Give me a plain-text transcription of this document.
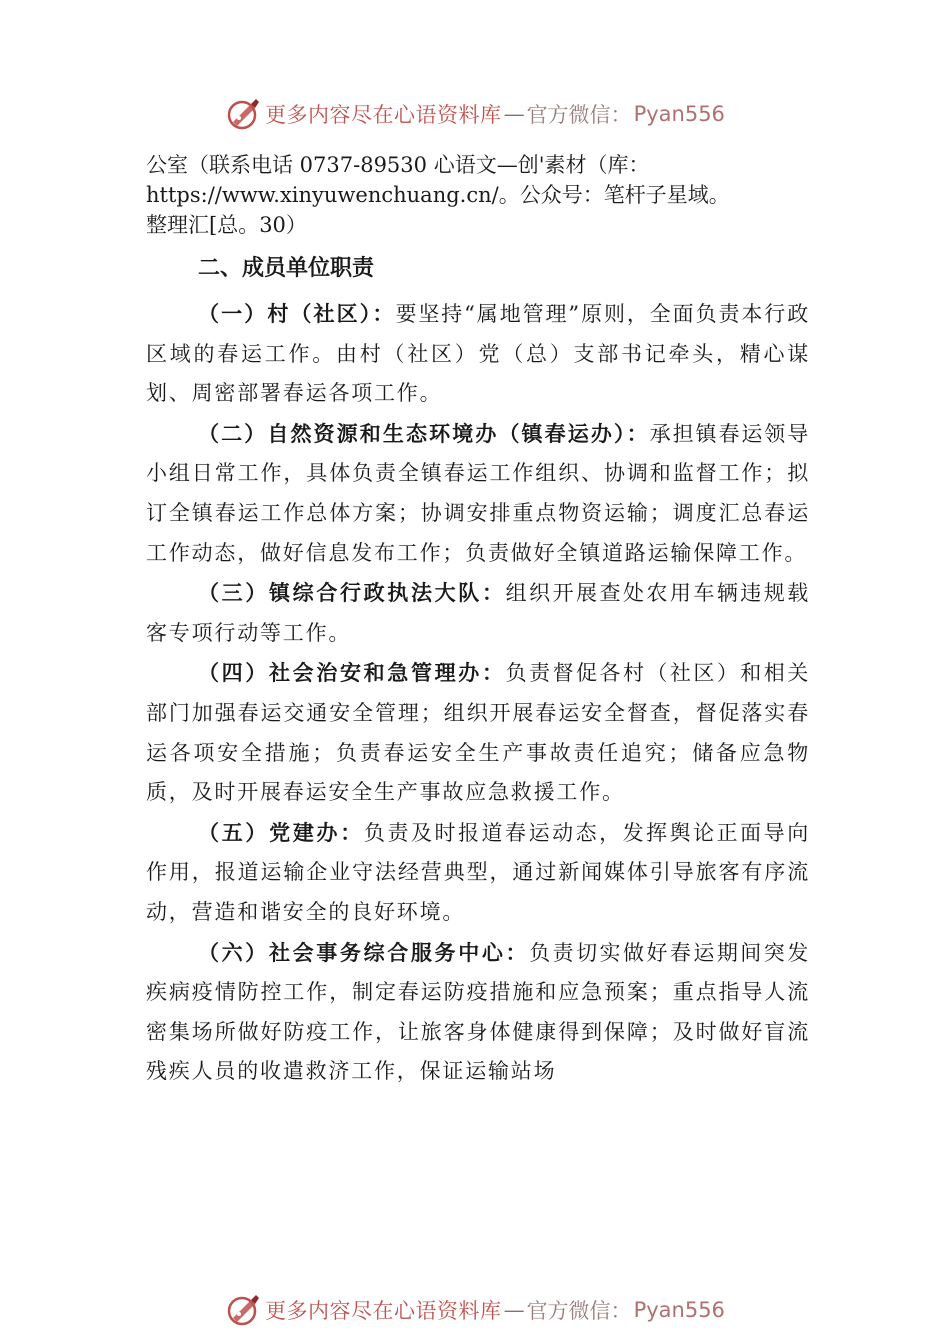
更多内容尽在心语资料库 — 官方微信： Pyan556

公室（联系电话 0737-89530 心语文—创'素材（库：
https://www.xinyuwenchuang.cn/。公众号：笔杆子星域。
整理汇[总。30）

二、成员单位职责

（一）村（社区）：要坚持“属地管理”原则，全面负责本行政区域的春运工作。由村（社区）党（总）支部书记牵头，精心谋划、周密部署春运各项工作。

（二）自然资源和生态环境办（镇春运办）：承担镇春运领导小组日常工作，具体负责全镇春运工作组织、协调和监督工作；拟订全镇春运工作总体方案；协调安排重点物资运输；调度汇总春运工作动态，做好信息发布工作；负责做好全镇道路运输保障工作。

（三）镇综合行政执法大队：组织开展查处农用车辆违规载客专项行动等工作。

（四）社会治安和急管理办：负责督促各村（社区）和相关部门加强春运交通安全管理；组织开展春运安全督查，督促落实春运各项安全措施；负责春运安全生产事故责任追究；储备应急物质，及时开展春运安全生产事故应急救援工作。

（五）党建办：负责及时报道春运动态，发挥舆论正面导向作用，报道运输企业守法经营典型，通过新闻媒体引导旅客有序流动，营造和谐安全的良好环境。

（六）社会事务综合服务中心：负责切实做好春运期间突发疾病疫情防控工作，制定春运防疫措施和应急预案；重点指导人流密集场所做好防疫工作，让旅客身体健康得到保障；及时做好盲流残疾人员的收遣救济工作，保证运输站场

更多内容尽在心语资料库 — 官方微信： Pyan556
